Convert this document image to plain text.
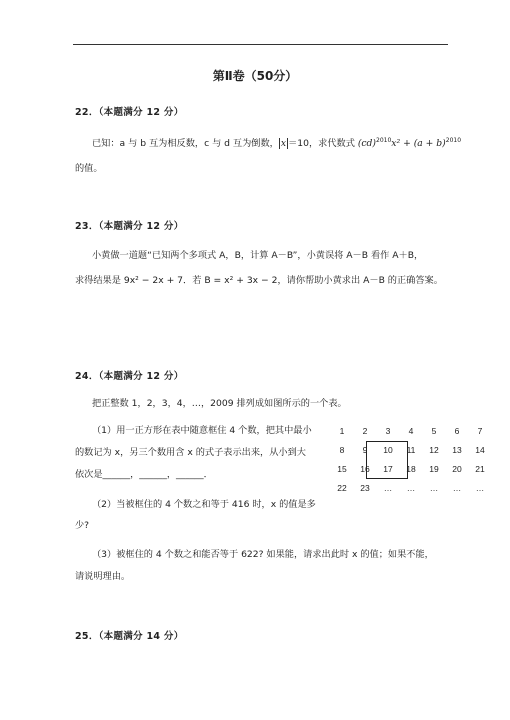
第Ⅱ卷（50分）
22．（本题满分 12 分）
已知：a 与 b 互为相反数，c 与 d 互为倒数， x ＝10，求代数式 $(cd)^{2010}x^2 + (a + b)^{2010}$
的值。
23．（本题满分 12 分）
小黄做一道题“已知两个多项式 A，B，计算 A－B”，小黄误将 A－B 看作 A＋B，
求得结果是 9x² − 2x + 7．若 B = x² + 3x − 2，请你帮助小黄求出 A－B 的正确答案。
24．（本题满分 12 分）
把正整数 1，2，3，4，…，2009 排列成如图所示的一个表。
（1）用一正方形在表中随意框住 4 个数，把其中最小
的数记为 x，另三个数用含 x 的式子表示出来，从小到大
依次是______，______，______．
（2）当被框住的 4 个数之和等于 416 时，x 的值是多
少?
（3）被框住的 4 个数之和能否等于 622? 如果能，请求出此时 x 的值；如果不能，
请说明理由。
1	2	3	4	5	6	7
8	9	10	11	12	13	14
15	16	17	18	19	20	21
22	23	…	…	…	…	…
25．（本题满分 14 分）
